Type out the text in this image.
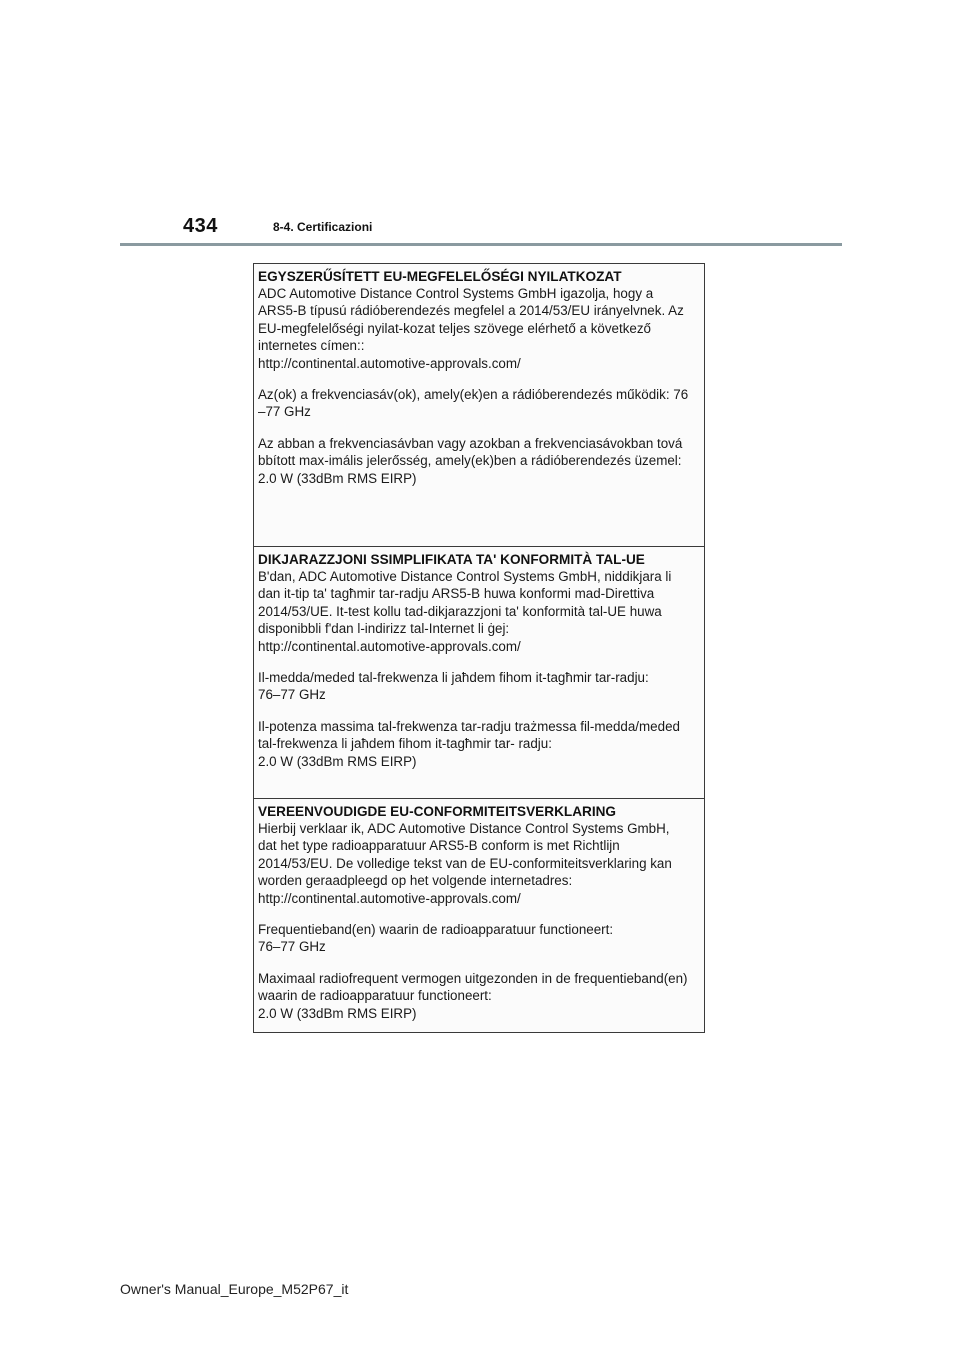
434	8-4. Certificazioni
EGYSZERŰSÍTETT EU-MEGFELELŐSÉGI NYILATKOZAT
ADC Automotive Distance Control Systems GmbH igazolja, hogy a
ARS5-B típusú rádióberendezés megfelel a 2014/53/EU irányelvnek. Az
EU-megfelelőségi nyilat-kozat teljes szövege elérhető a következő
internetes címen::
http://continental.automotive-approvals.com/
Az(ok) a frekvenciasáv(ok), amely(ek)en a rádióberendezés működik: 76
–77 GHz
Az abban a frekvenciasávban vagy azokban a frekvenciasávokban tová
bbított max-imális jelerősség, amely(ek)ben a rádióberendezés üzemel:
2.0 W (33dBm RMS EIRP)
DIKJARAZZJONI SSIMPLIFIKATA TA' KONFORMITÀ TAL-UE
B'dan, ADC Automotive Distance Control Systems GmbH, niddikjara li
dan it-tip ta' tagħmir tar-radju ARS5-B huwa konformi mad-Direttiva
2014/53/UE. It-test kollu tad-dikjarazzjoni ta' konformità tal-UE huwa
disponibbli f'dan l-indirizz tal-Internet li ġej:
http://continental.automotive-approvals.com/
Il-medda/meded tal-frekwenza li jaħdem fihom it-tagħmir tar-radju:
76–77 GHz
Il-potenza massima tal-frekwenza tar-radju trażmessa fil-medda/meded
tal-frekwenza li jaħdem fihom it-tagħmir tar- radju:
2.0 W (33dBm RMS EIRP)
VEREENVOUDIGDE EU-CONFORMITEITSVERKLARING
Hierbij verklaar ik, ADC Automotive Distance Control Systems GmbH,
dat het type radioapparatuur ARS5-B conform is met Richtlijn
2014/53/EU. De volledige tekst van de EU-conformiteitsverklaring kan
worden geraadpleegd op het volgende internetadres:
http://continental.automotive-approvals.com/
Frequentieband(en) waarin de radioapparatuur functioneert:
76–77 GHz
Maximaal radiofrequent vermogen uitgezonden in de frequentieband(en)
waarin de radioapparatuur functioneert:
2.0 W (33dBm RMS EIRP)
Owner's Manual_Europe_M52P67_it
